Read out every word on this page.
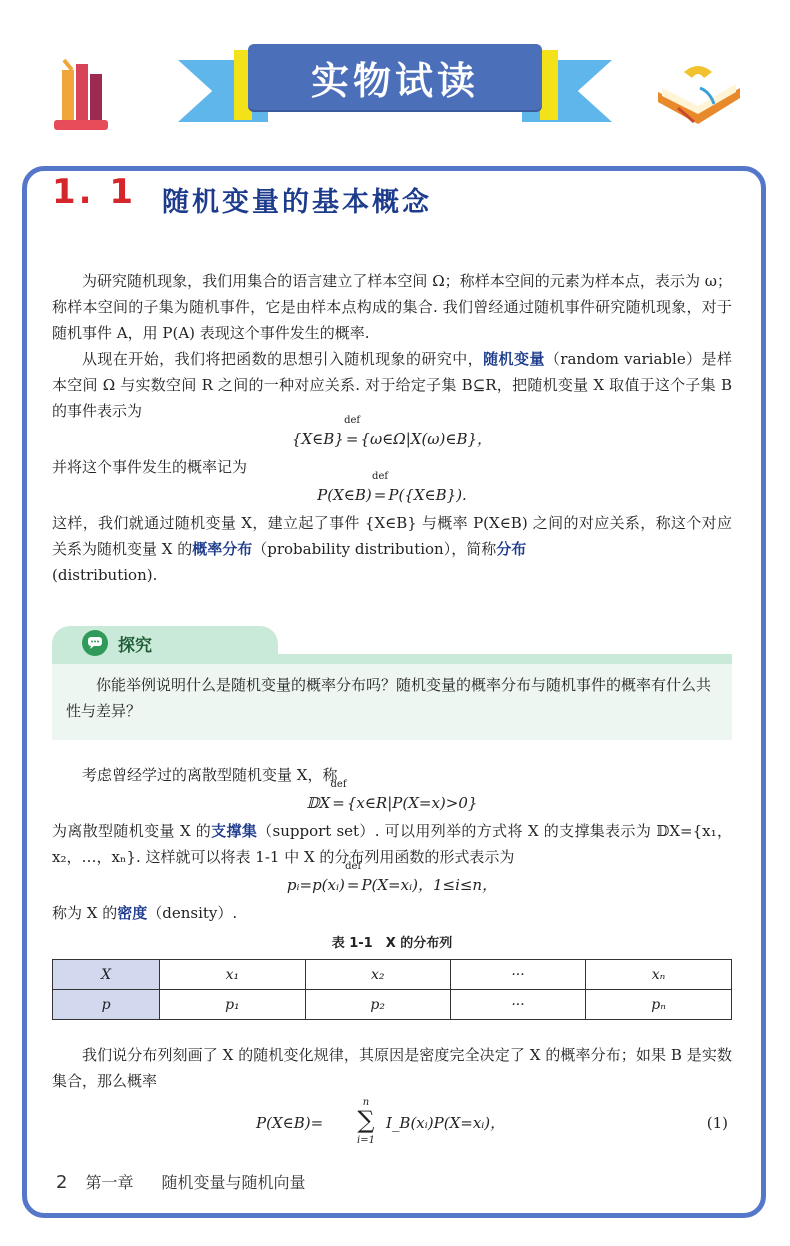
实物试读
1. 1 随机变量的基本概念

为研究随机现象，我们用集合的语言建立了样本空间 Ω；称样本空间的元素为样本点，表示为 ω；称样本空间的子集为随机事件，它是由样本点构成的集合. 我们曾经通过随机事件研究随机现象，对于随机事件 A，用 P(A) 表现这个事件发生的概率.

从现在开始，我们将把函数的思想引入随机现象的研究中，随机变量（random variable）是样本空间 Ω 与实数空间 R 之间的一种对应关系. 对于给定子集 B⊆R，把随机变量 X 取值于这个子集 B 的事件表示为

{X∈B} def = {ω∈Ω|X(ω)∈B}，

并将这个事件发生的概率记为

P(X∈B) def = P({X∈B}).

这样，我们就通过随机变量 X，建立起了事件 {X∈B} 与概率 P(X∈B) 之间的对应关系，称这个对应关系为随机变量 X 的概率分布（probability distribution），简称分布
(distribution).

探究

你能举例说明什么是随机变量的概率分布吗？随机变量的概率分布与随机事件的概率有什么共性与差异？

考虑曾经学过的离散型随机变量 X，称

𝔻X def = {x∈R|P(X=x)>0}

为离散型随机变量 X 的支撑集（support set）. 可以用列举的方式将 X 的支撑集表示为 𝔻X={x₁，x₂，…，xₙ}. 这样就可以将表 1-1 中 X 的分布列用函数的形式表示为

pᵢ=p(xᵢ) def = P(X=xᵢ)，1≤i≤n，

称为 X 的密度（density）.

表 1-1　X 的分布列
X	x₁	x₂	···	xₙ
p	p₁	p₂	···	pₙ

我们说分布列刻画了 X 的随机变化规律，其原因是密度完全决定了 X 的概率分布；如果 B 是实数集合，那么概率

P(X∈B)=
n
∑
i=1
I_B(xᵢ)P(X=xᵢ)，	(1)
2 第一章 随机变量与随机向量
